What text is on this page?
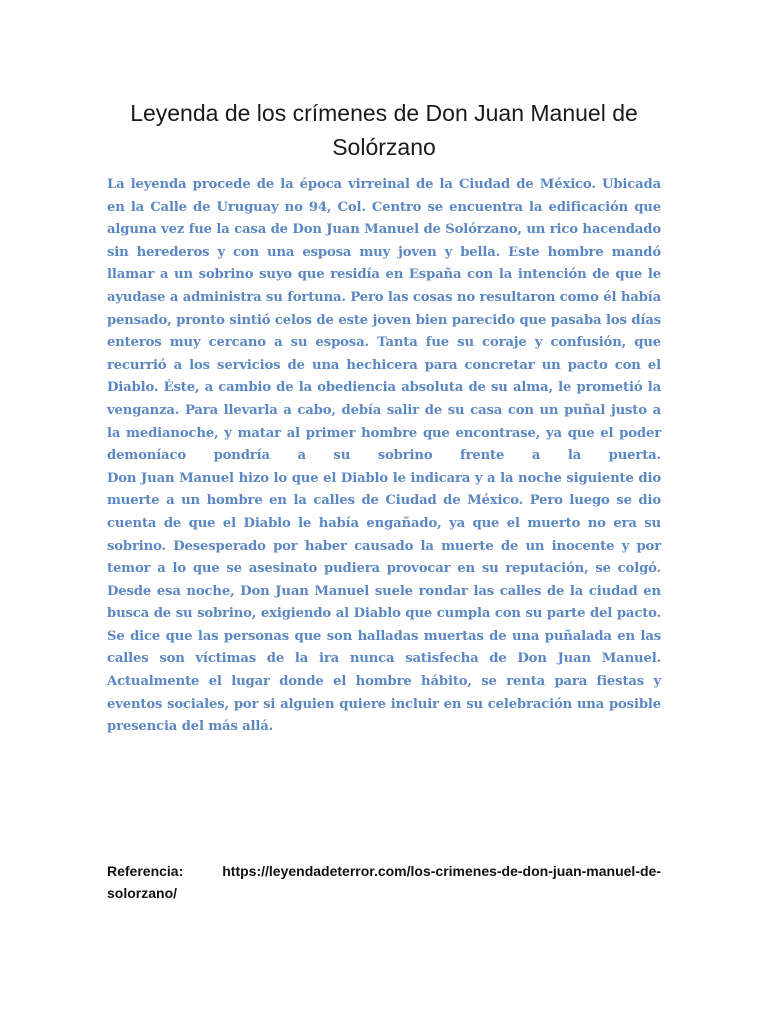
Leyenda de los crímenes de Don Juan Manuel de Solórzano
La leyenda procede de la época virreinal de la Ciudad de México. Ubicada en la Calle de Uruguay no 94, Col. Centro se encuentra la edificación que alguna vez fue la casa de Don Juan Manuel de Solórzano, un rico hacendado sin herederos y con una esposa muy joven y bella. Este hombre mandó llamar a un sobrino suyo que residía en España con la intención de que le ayudase a administra su fortuna. Pero las cosas no resultaron como él había pensado, pronto sintió celos de este joven bien parecido que pasaba los días enteros muy cercano a su esposa. Tanta fue su coraje y confusión, que recurrió a los servicios de una hechicera para concretar un pacto con el Diablo. Éste, a cambio de la obediencia absoluta de su alma, le prometió la venganza. Para llevarla a cabo, debía salir de su casa con un puñal justo a la medianoche, y matar al primer hombre que encontrase, ya que el poder demoníaco pondría a su sobrino frente a la puerta.
Don Juan Manuel hizo lo que el Diablo le indicara y a la noche siguiente dio muerte a un hombre en la calles de Ciudad de México. Pero luego se dio cuenta de que el Diablo le había engañado, ya que el muerto no era su sobrino. Desesperado por haber causado la muerte de un inocente y por temor a lo que se asesinato pudiera provocar en su reputación, se colgó. Desde esa noche, Don Juan Manuel suele rondar las calles de la ciudad en busca de su sobrino, exigiendo al Diablo que cumpla con su parte del pacto. Se dice que las personas que son halladas muertas de una puñalada en las calles son víctimas de la ira nunca satisfecha de Don Juan Manuel. Actualmente el lugar donde el hombre hábito, se renta para fiestas y eventos sociales, por si alguien quiere incluir en su celebración una posible presencia del más allá.

Referencia:	https://leyendadeterror.com/los-crimenes-de-don-juan-manuel-de-solorzano/
